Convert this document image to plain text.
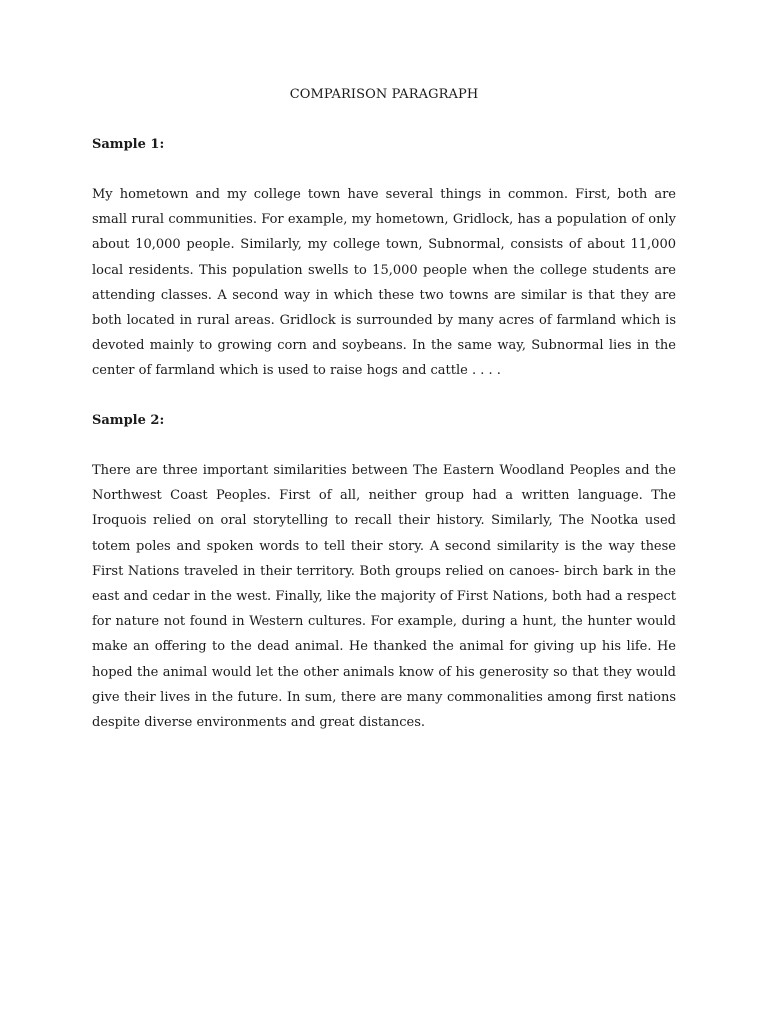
COMPARISON PARAGRAPH
Sample 1:

My hometown and my college town have several things in common. First, both are small rural communities. For example, my hometown, Gridlock, has a population of only about 10,000 people. Similarly, my college town, Subnormal, consists of about 11,000 local residents. This population swells to 15,000 people when the college students are attending classes. A second way in which these two towns are similar is that they are both located in rural areas. Gridlock is surrounded by many acres of farmland which is devoted mainly to growing corn and soybeans. In the same way, Subnormal lies in the center of farmland which is used to raise hogs and cattle . . . .

Sample 2:

There are three important similarities between The Eastern Woodland Peoples and the Northwest Coast Peoples. First of all, neither group had a written language. The Iroquois relied on oral storytelling to recall their history. Similarly, The Nootka used totem poles and spoken words to tell their story. A second similarity is the way these First Nations traveled in their territory. Both groups relied on canoes- birch bark in the east and cedar in the west. Finally, like the majority of First Nations, both had a respect for nature not found in Western cultures. For example, during a hunt, the hunter would make an offering to the dead animal. He thanked the animal for giving up his life. He hoped the animal would let the other animals know of his generosity so that they would give their lives in the future. In sum, there are many commonalities among first nations despite diverse environments and great distances.
